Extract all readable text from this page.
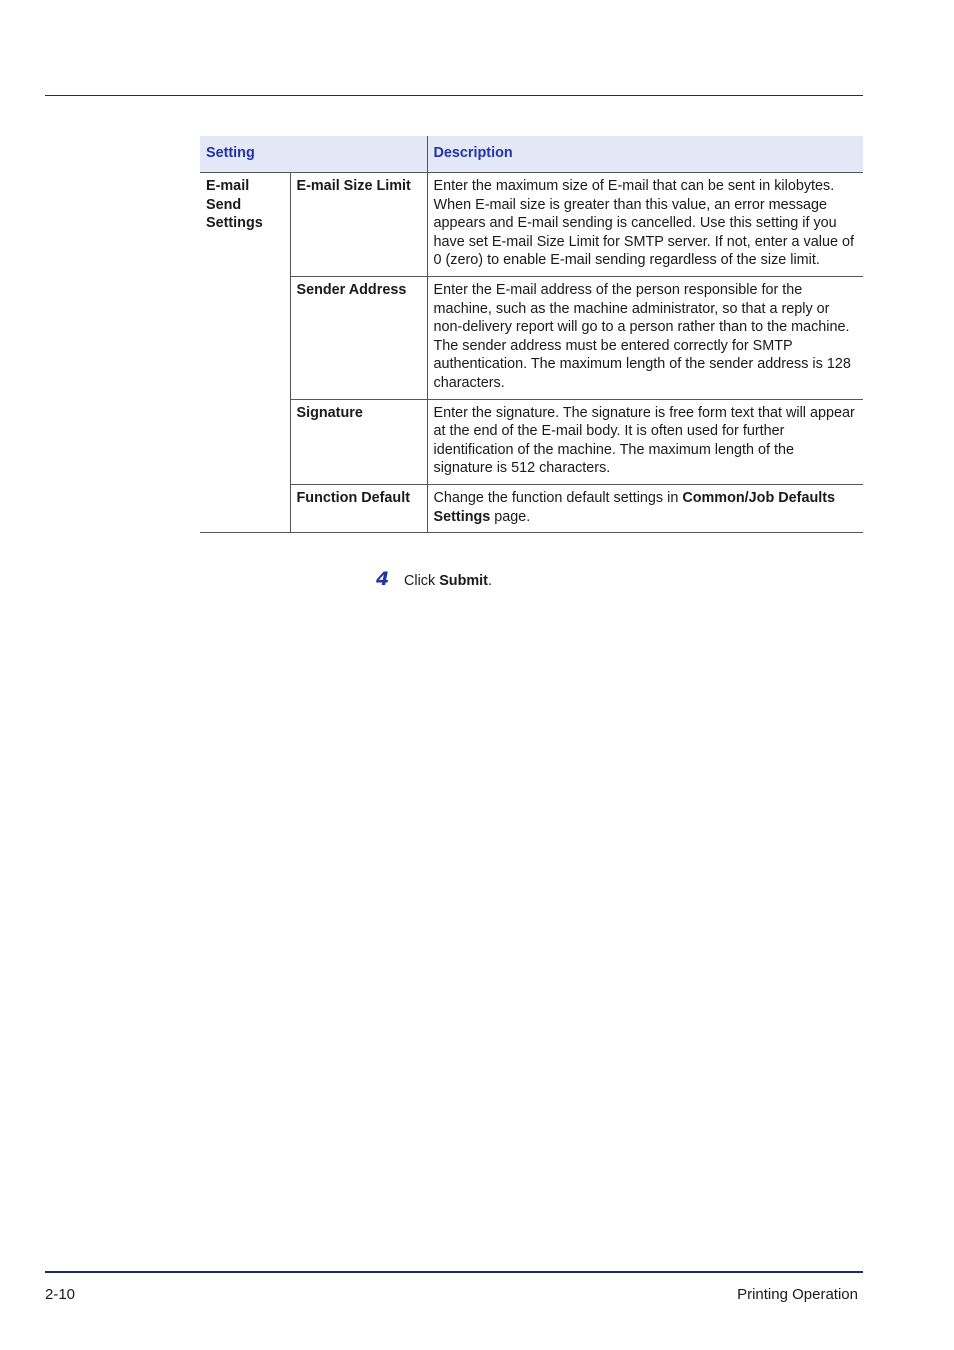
Setting		Description
E-mail Send Settings	E-mail Size Limit	Enter the maximum size of E-mail that can be sent in kilobytes. When E-mail size is greater than this value, an error message appears and E-mail sending is cancelled. Use this setting if you have set E-mail Size Limit for SMTP server. If not, enter a value of 0 (zero) to enable E-mail sending regardless of the size limit.
	Sender Address	Enter the E-mail address of the person responsible for the machine, such as the machine administrator, so that a reply or non-delivery report will go to a person rather than to the machine. The sender address must be entered correctly for SMTP authentication. The maximum length of the sender address is 128 characters.
	Signature	Enter the signature. The signature is free form text that will appear at the end of the E-mail body. It is often used for further identification of the machine. The maximum length of the signature is 512 characters.
	Function Default	Change the function default settings in Common/Job Defaults Settings page.
4	Click Submit.
2-10	Printing Operation
